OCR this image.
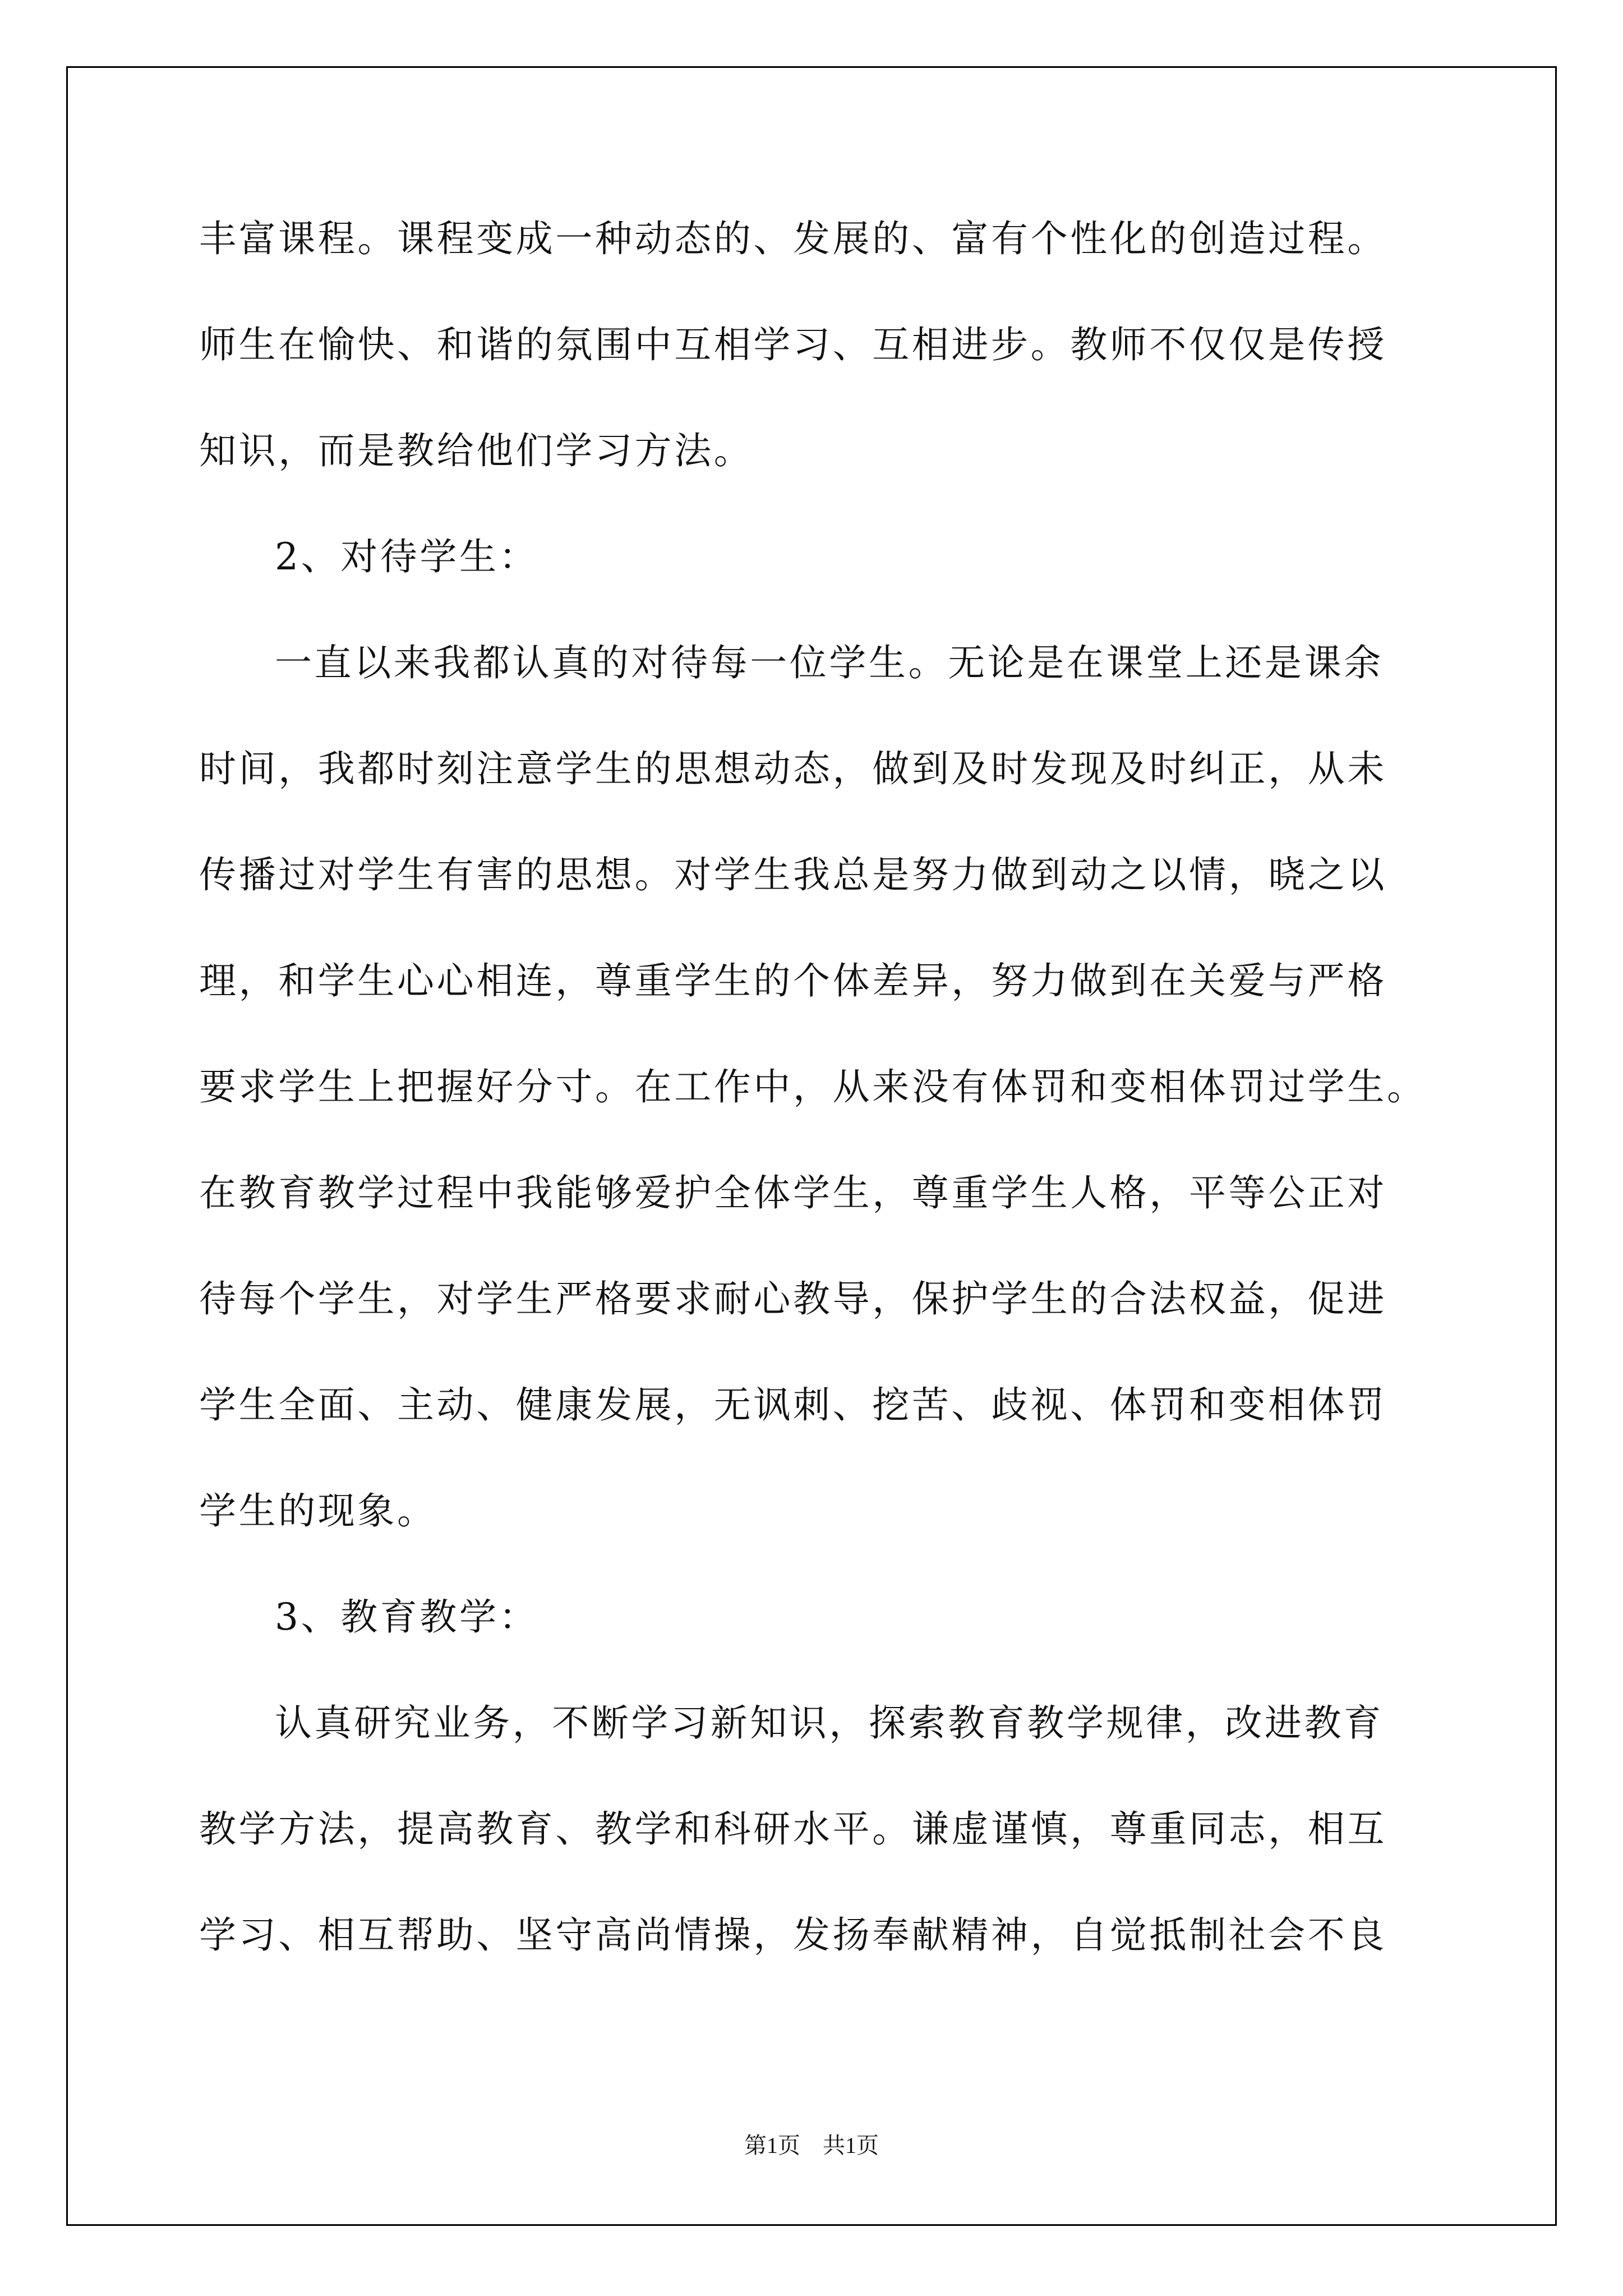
丰富课程。课程变成一种动态的、发展的、富有个性化的创造过程。
师生在愉快、和谐的氛围中互相学习、互相进步。教师不仅仅是传授
知识，而是教给他们学习方法。
2、对待学生：
一直以来我都认真的对待每一位学生。无论是在课堂上还是课余
时间，我都时刻注意学生的思想动态，做到及时发现及时纠正，从未
传播过对学生有害的思想。对学生我总是努力做到动之以情，晓之以
理，和学生心心相连，尊重学生的个体差异，努力做到在关爱与严格
要求学生上把握好分寸。在工作中，从来没有体罚和变相体罚过学生。
在教育教学过程中我能够爱护全体学生，尊重学生人格，平等公正对
待每个学生，对学生严格要求耐心教导，保护学生的合法权益，促进
学生全面、主动、健康发展，无讽刺、挖苦、歧视、体罚和变相体罚
学生的现象。
3、教育教学：
认真研究业务，不断学习新知识，探索教育教学规律，改进教育
教学方法，提高教育、教学和科研水平。谦虚谨慎，尊重同志，相互
学习、相互帮助、坚守高尚情操，发扬奉献精神，自觉抵制社会不良
第1页 共1页
